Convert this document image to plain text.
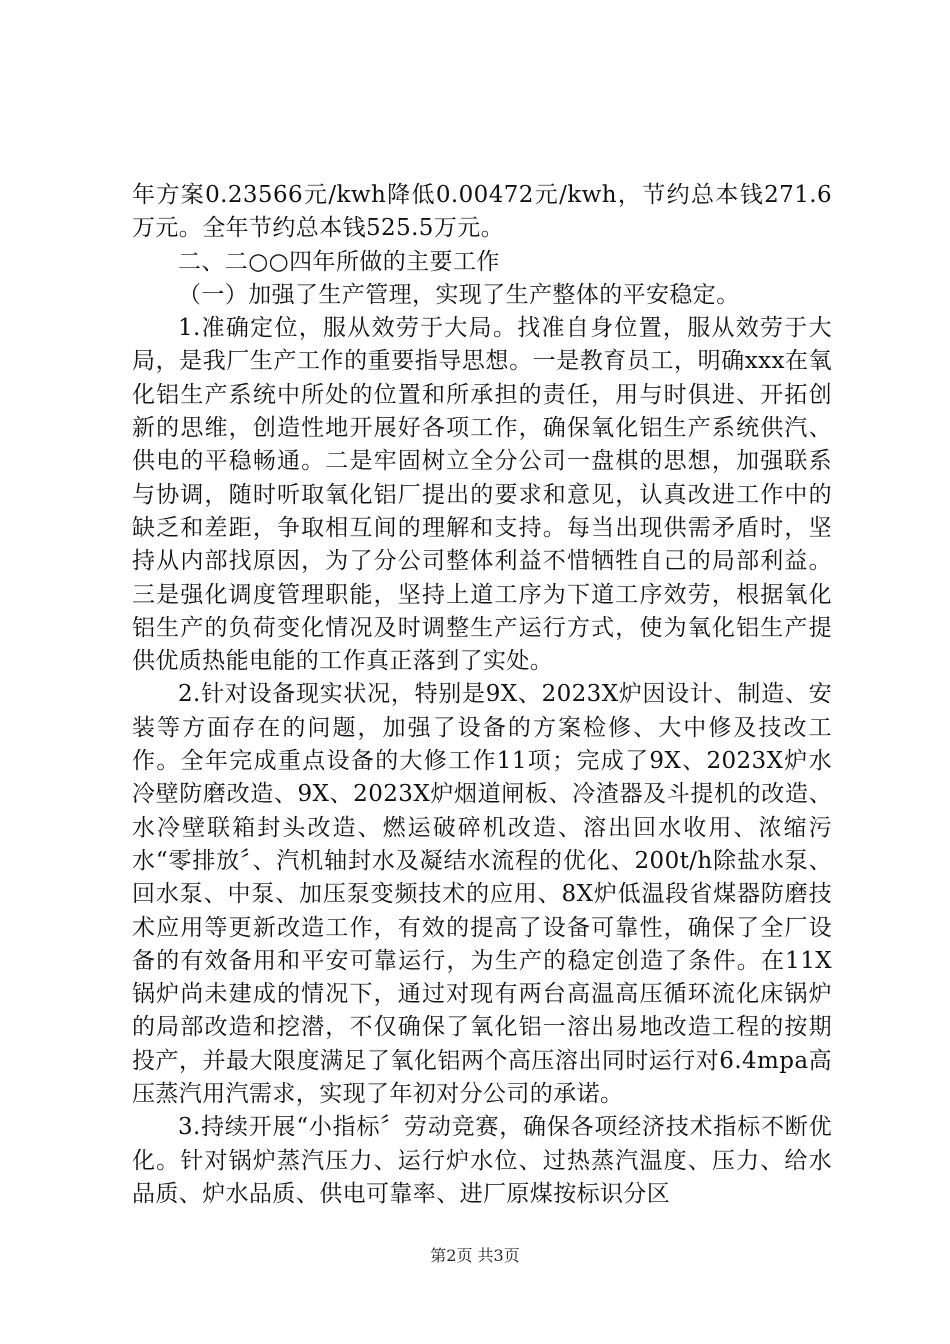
年方案0.23566元/kwh降低0.00472元/kwh，节约总本钱271.6万元。全年节约总本钱525.5万元。

二、二○○四年所做的主要工作

（一）加强了生产管理，实现了生产整体的平安稳定。

1.准确定位，服从效劳于大局。找准自身位置，服从效劳于大局，是我厂生产工作的重要指导思想。一是教育员工，明确xxx在氧化铝生产系统中所处的位置和所承担的责任，用与时俱进、开拓创新的思维，创造性地开展好各项工作，确保氧化铝生产系统供汽、供电的平稳畅通。二是牢固树立全分公司一盘棋的思想，加强联系与协调，随时听取氧化铝厂提出的要求和意见，认真改进工作中的缺乏和差距，争取相互间的理解和支持。每当出现供需矛盾时，坚持从内部找原因，为了分公司整体利益不惜牺牲自己的局部利益。三是强化调度管理职能，坚持上道工序为下道工序效劳，根据氧化铝生产的负荷变化情况及时调整生产运行方式，使为氧化铝生产提供优质热能电能的工作真正落到了实处。

2.针对设备现实状况，特别是9X、2023X炉因设计、制造、安装等方面存在的问题，加强了设备的方案检修、大中修及技改工作。全年完成重点设备的大修工作11项；完成了9X、2023X炉水冷壁防磨改造、9X、2023X炉烟道闸板、冷渣器及斗提机的改造、水冷壁联箱封头改造、燃运破碎机改造、溶出回水收用、浓缩污水“零排放〞、汽机轴封水及凝结水流程的优化、200t/h除盐水泵、回水泵、中泵、加压泵变频技术的应用、8X炉低温段省煤器防磨技术应用等更新改造工作，有效的提高了设备可靠性，确保了全厂设备的有效备用和平安可靠运行，为生产的稳定创造了条件。在11X锅炉尚未建成的情况下，通过对现有两台高温高压循环流化床锅炉的局部改造和挖潜，不仅确保了氧化铝一溶出易地改造工程的按期投产，并最大限度满足了氧化铝两个高压溶出同时运行对6.4mpa高压蒸汽用汽需求，实现了年初对分公司的承诺。

3.持续开展“小指标〞劳动竞赛，确保各项经济技术指标不断优化。针对锅炉蒸汽压力、运行炉水位、过热蒸汽温度、压力、给水品质、炉水品质、供电可靠率、进厂原煤按标识分区

第2页 共3页
